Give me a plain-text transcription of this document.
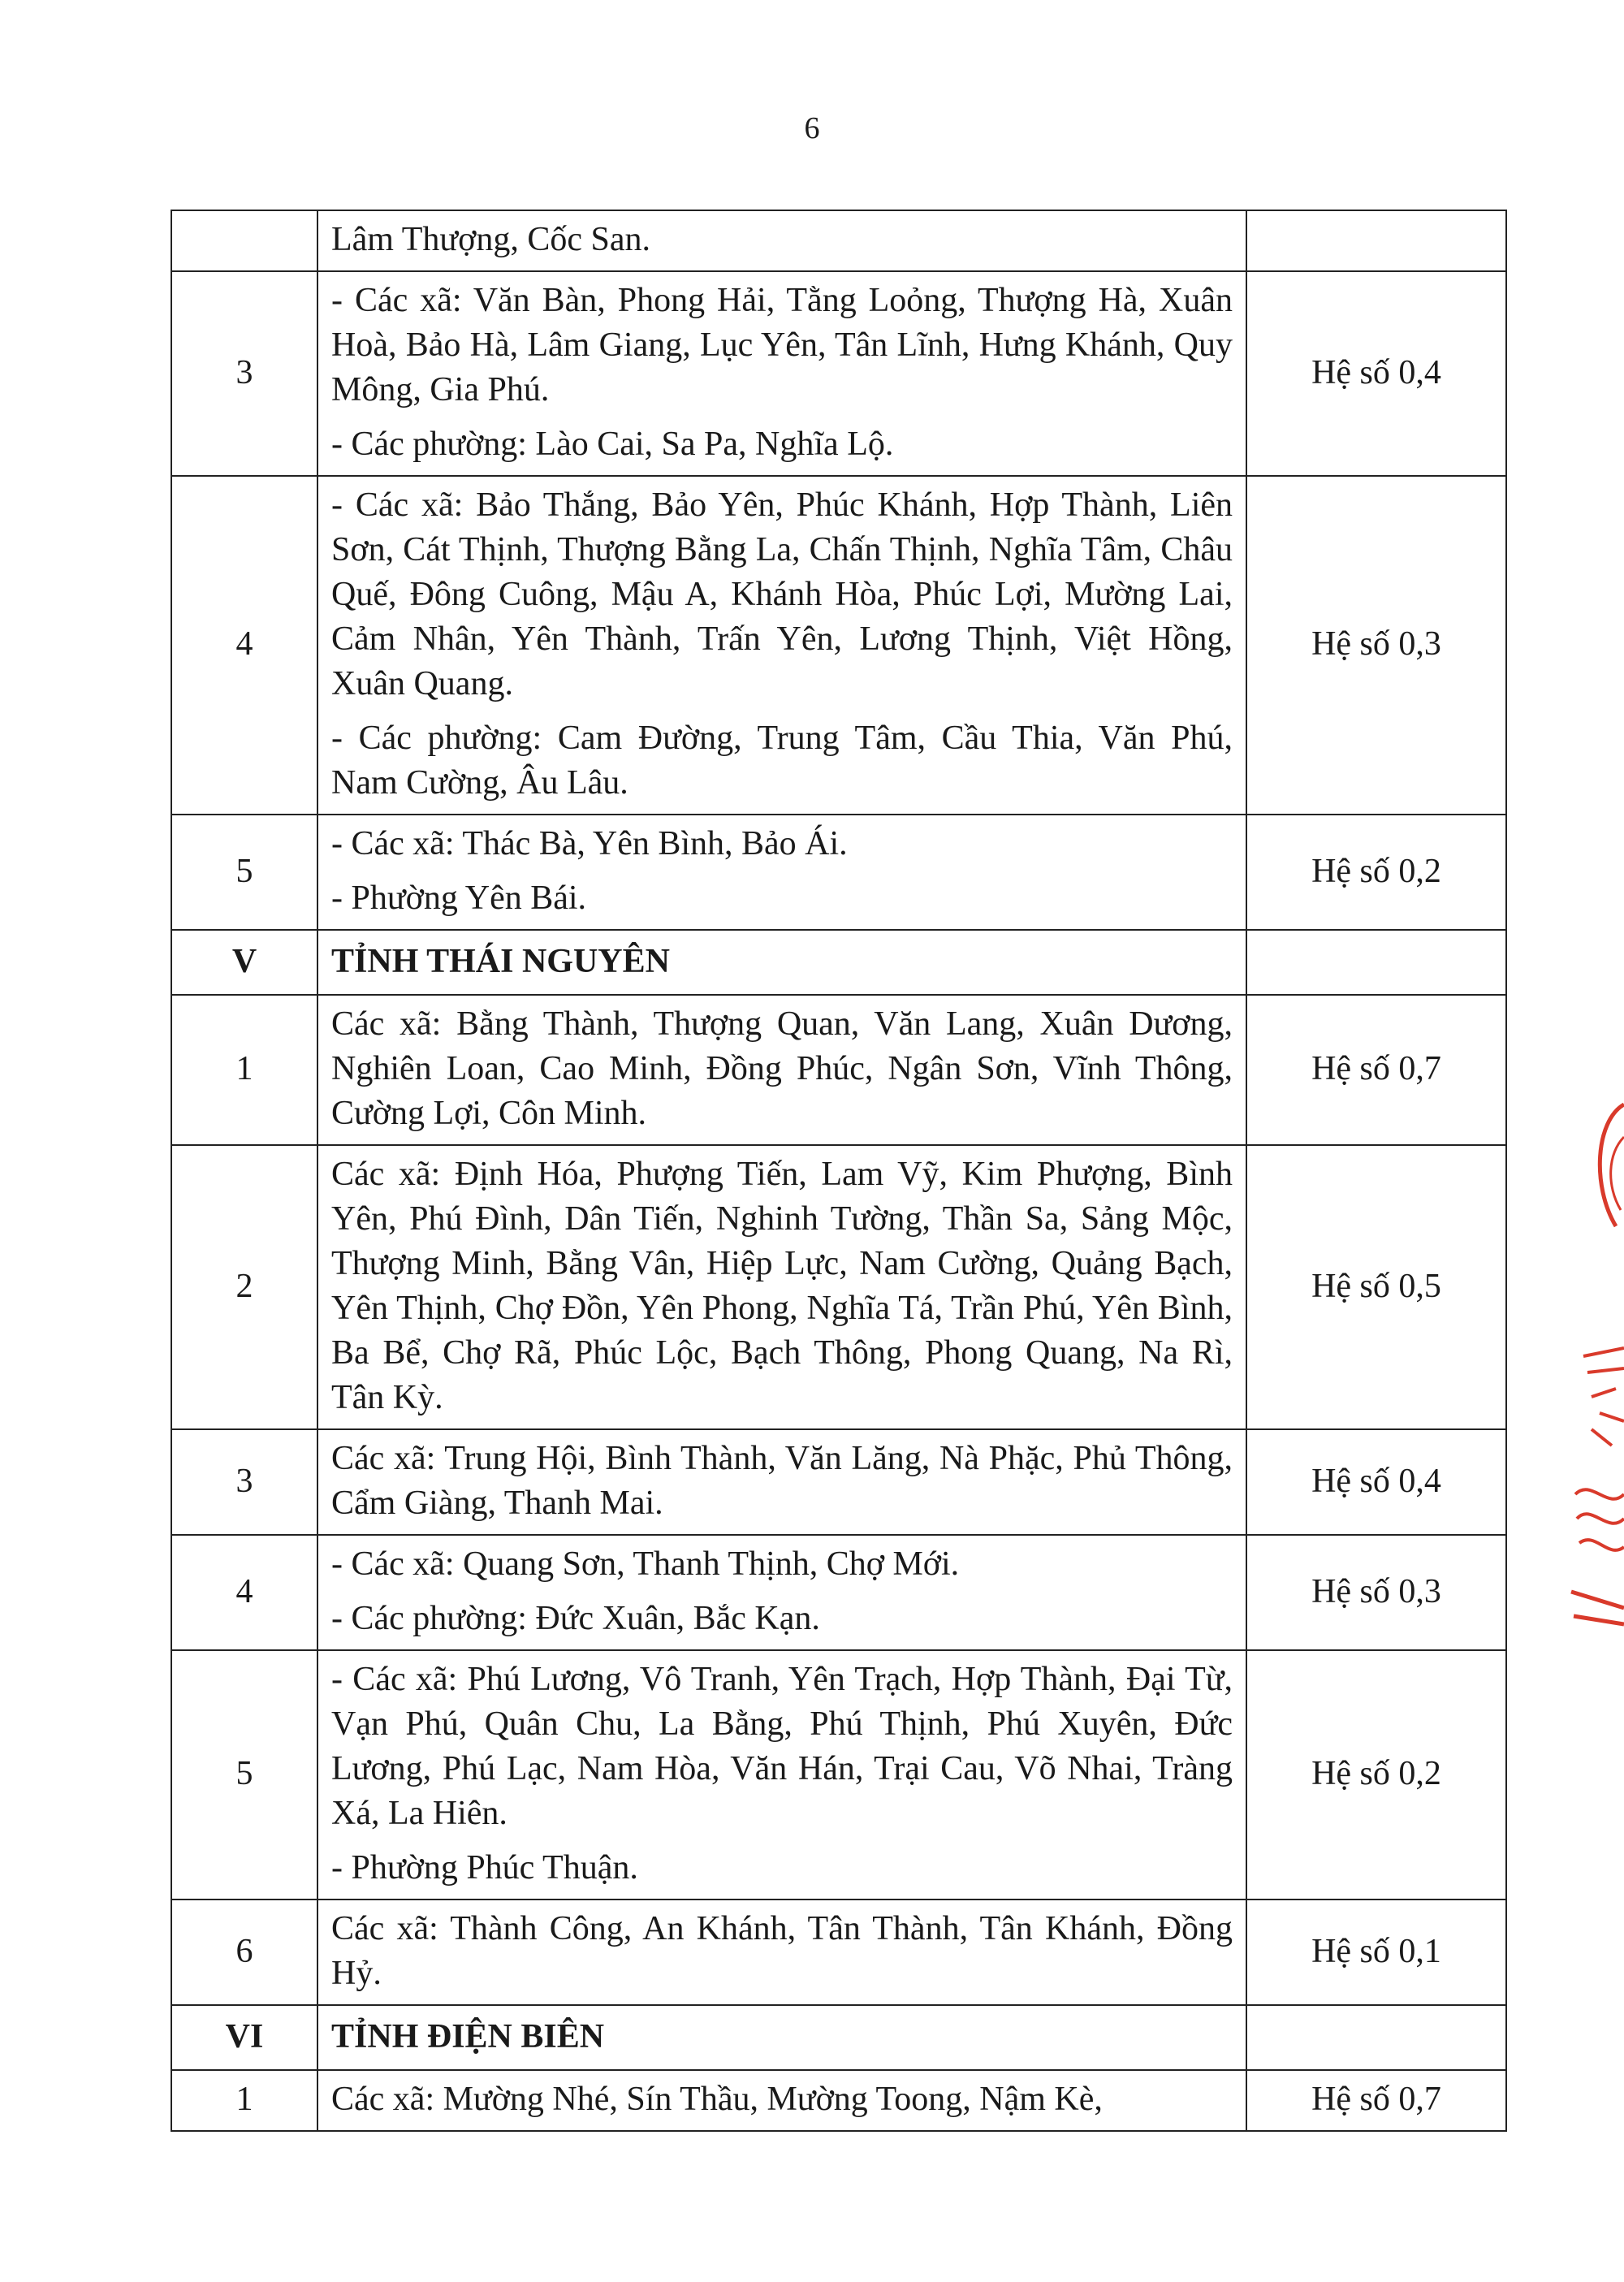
6

	Lâm Thượng, Cốc San.	

3	- Các xã: Văn Bàn, Phong Hải, Tằng Loỏng, Thượng Hà, Xuân Hoà, Bảo Hà, Lâm Giang, Lục Yên, Tân Lĩnh, Hưng Khánh, Quy Mông, Gia Phú.
- Các phường: Lào Cai, Sa Pa, Nghĩa Lộ.	Hệ số 0,4
4	- Các xã: Bảo Thắng, Bảo Yên, Phúc Khánh, Hợp Thành, Liên Sơn, Cát Thịnh, Thượng Bằng La, Chấn Thịnh, Nghĩa Tâm, Châu Quế, Đông Cuông, Mậu A, Khánh Hòa, Phúc Lợi, Mường Lai, Cảm Nhân, Yên Thành, Trấn Yên, Lương Thịnh, Việt Hồng, Xuân Quang.
- Các phường: Cam Đường, Trung Tâm, Cầu Thia, Văn Phú, Nam Cường, Âu Lâu.	Hệ số 0,3
5	- Các xã: Thác Bà, Yên Bình, Bảo Ái.
- Phường Yên Bái.	Hệ số 0,2
V	TỈNH THÁI NGUYÊN	
1	Các xã: Bằng Thành, Thượng Quan, Văn Lang, Xuân Dương, Nghiên Loan, Cao Minh, Đồng Phúc, Ngân Sơn, Vĩnh Thông, Cường Lợi, Côn Minh.	Hệ số 0,7
2	Các xã: Định Hóa, Phượng Tiến, Lam Vỹ, Kim Phượng, Bình Yên, Phú Đình, Dân Tiến, Nghinh Tường, Thần Sa, Sảng Mộc, Thượng Minh, Bằng Vân, Hiệp Lực, Nam Cường, Quảng Bạch, Yên Thịnh, Chợ Đồn, Yên Phong, Nghĩa Tá, Trần Phú, Yên Bình, Ba Bể, Chợ Rã, Phúc Lộc, Bạch Thông, Phong Quang, Na Rì, Tân Kỳ.	Hệ số 0,5
3	Các xã: Trung Hội, Bình Thành, Văn Lăng, Nà Phặc, Phủ Thông, Cẩm Giàng, Thanh Mai.	Hệ số 0,4
4	- Các xã: Quang Sơn, Thanh Thịnh, Chợ Mới.
- Các phường: Đức Xuân, Bắc Kạn.	Hệ số 0,3
5	- Các xã: Phú Lương, Vô Tranh, Yên Trạch, Hợp Thành, Đại Từ, Vạn Phú, Quân Chu, La Bằng, Phú Thịnh, Phú Xuyên, Đức Lương, Phú Lạc, Nam Hòa, Văn Hán, Trại Cau, Võ Nhai, Tràng Xá, La Hiên.
- Phường Phúc Thuận.	Hệ số 0,2
6	Các xã: Thành Công, An Khánh, Tân Thành, Tân Khánh, Đồng Hỷ.	Hệ số 0,1
VI	TỈNH ĐIỆN BIÊN	
1	Các xã: Mường Nhé, Sín Thầu, Mường Toong, Nậm Kè,	Hệ số 0,7
